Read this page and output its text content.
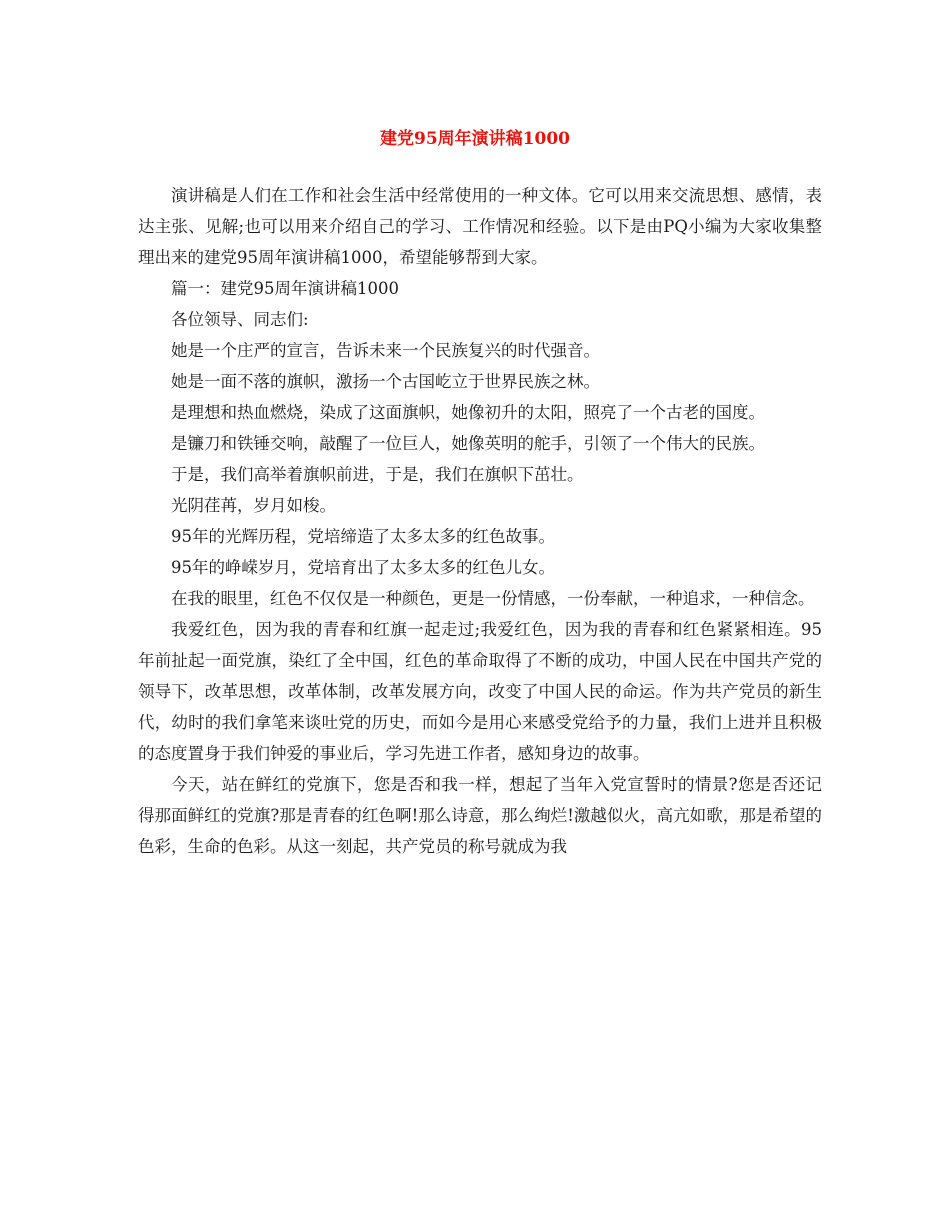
建党95周年演讲稿1000

演讲稿是人们在工作和社会生活中经常使用的一种文体。它可以用来交流思想、感情，表达主张、见解;也可以用来介绍自己的学习、工作情况和经验。以下是由PQ小编为大家收集整理出来的建党95周年演讲稿1000，希望能够帮到大家。

篇一：建党95周年演讲稿1000

各位领导、同志们:

她是一个庄严的宣言，告诉未来一个民族复兴的时代强音。

她是一面不落的旗帜，激扬一个古国屹立于世界民族之林。

是理想和热血燃烧，染成了这面旗帜，她像初升的太阳，照亮了一个古老的国度。

是镰刀和铁锤交响，敲醒了一位巨人，她像英明的舵手，引领了一个伟大的民族。

于是，我们高举着旗帜前进，于是，我们在旗帜下茁壮。

光阴荏苒，岁月如梭。

95年的光辉历程，党培缔造了太多太多的红色故事。

95年的峥嵘岁月，党培育出了太多太多的红色儿女。

在我的眼里，红色不仅仅是一种颜色，更是一份情感，一份奉献，一种追求，一种信念。

我爱红色，因为我的青春和红旗一起走过;我爱红色，因为我的青春和红色紧紧相连。95年前扯起一面党旗，染红了全中国，红色的革命取得了不断的成功，中国人民在中国共产党的领导下，改革思想，改革体制，改革发展方向，改变了中国人民的命运。作为共产党员的新生代，幼时的我们拿笔来谈吐党的历史，而如今是用心来感受党给予的力量，我们上进并且积极的态度置身于我们钟爱的事业后，学习先进工作者，感知身边的故事。

今天，站在鲜红的党旗下，您是否和我一样，想起了当年入党宣誓时的情景?您是否还记得那面鲜红的党旗?那是青春的红色啊!那么诗意，那么绚烂!激越似火，高亢如歌，那是希望的色彩，生命的色彩。从这一刻起，共产党员的称号就成为我
